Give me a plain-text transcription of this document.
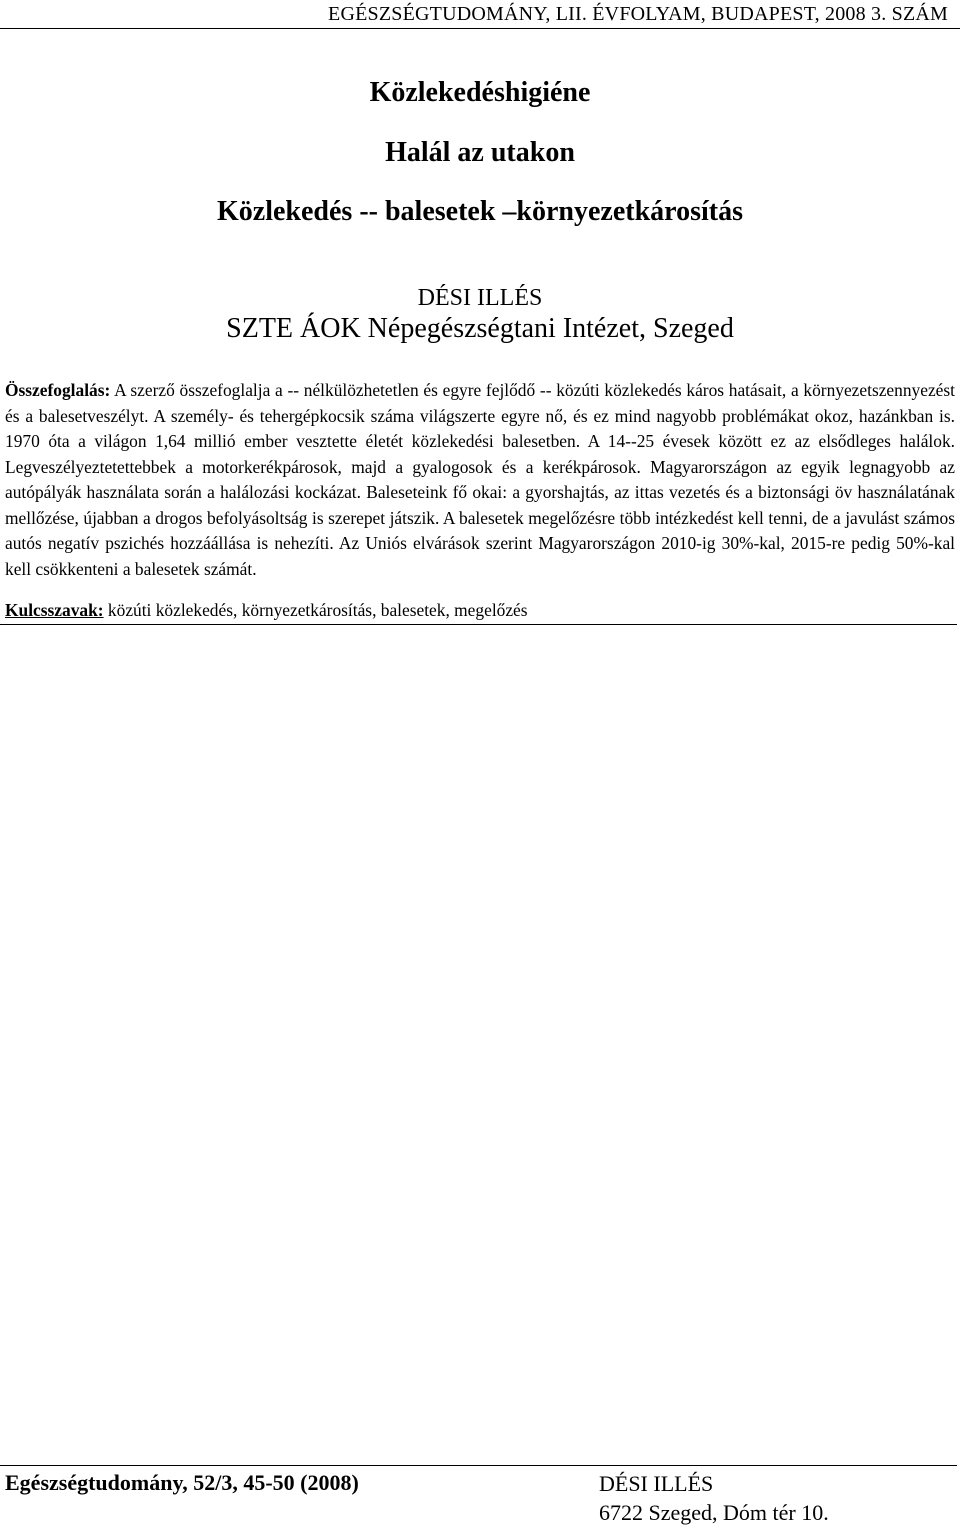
EGÉSZSÉGTUDOMÁNY, LII. ÉVFOLYAM, BUDAPEST, 2008 3. SZÁM
Közlekedéshigiéne
Halál az utakon
Közlekedés -- balesetek –környezetkárosítás
DÉSI ILLÉS
SZTE ÁOK Népegészségtani Intézet, Szeged
Összefoglalás: A szerző összefoglalja a -- nélkülözhetetlen és egyre fejlődő -- közúti közlekedés káros hatásait, a környezetszennyezést és a balesetveszélyt. A személy- és tehergépkocsik száma világszerte egyre nő, és ez mind nagyobb problémákat okoz, hazánkban is. 1970 óta a világon 1,64 millió ember vesztette életét közlekedési balesetben. A 14--25 évesek között ez az elsődleges halálok. Legveszélyeztetettebbek a motorkerékpárosok, majd a gyalogosok és a kerékpárosok. Magyarországon az egyik legnagyobb az autópályák használata során a halálozási kockázat. Baleseteink fő okai: a gyorshajtás, az ittas vezetés és a biztonsági öv használatának mellőzése, újabban a drogos befolyásoltság is szerepet játszik. A balesetek megelőzésre több intézkedést kell tenni, de a javulást számos autós negatív pszichés hozzáállása is nehezíti. Az Uniós elvárások szerint Magyarországon 2010-ig 30%-kal, 2015-re pedig 50%-kal kell csökkenteni a balesetek számát.
Kulcsszavak: közúti közlekedés, környezetkárosítás, balesetek, megelőzés
Egészségtudomány, 52/3, 45-50 (2008)	DÉSI ILLÉS
6722 Szeged, Dóm tér 10.
